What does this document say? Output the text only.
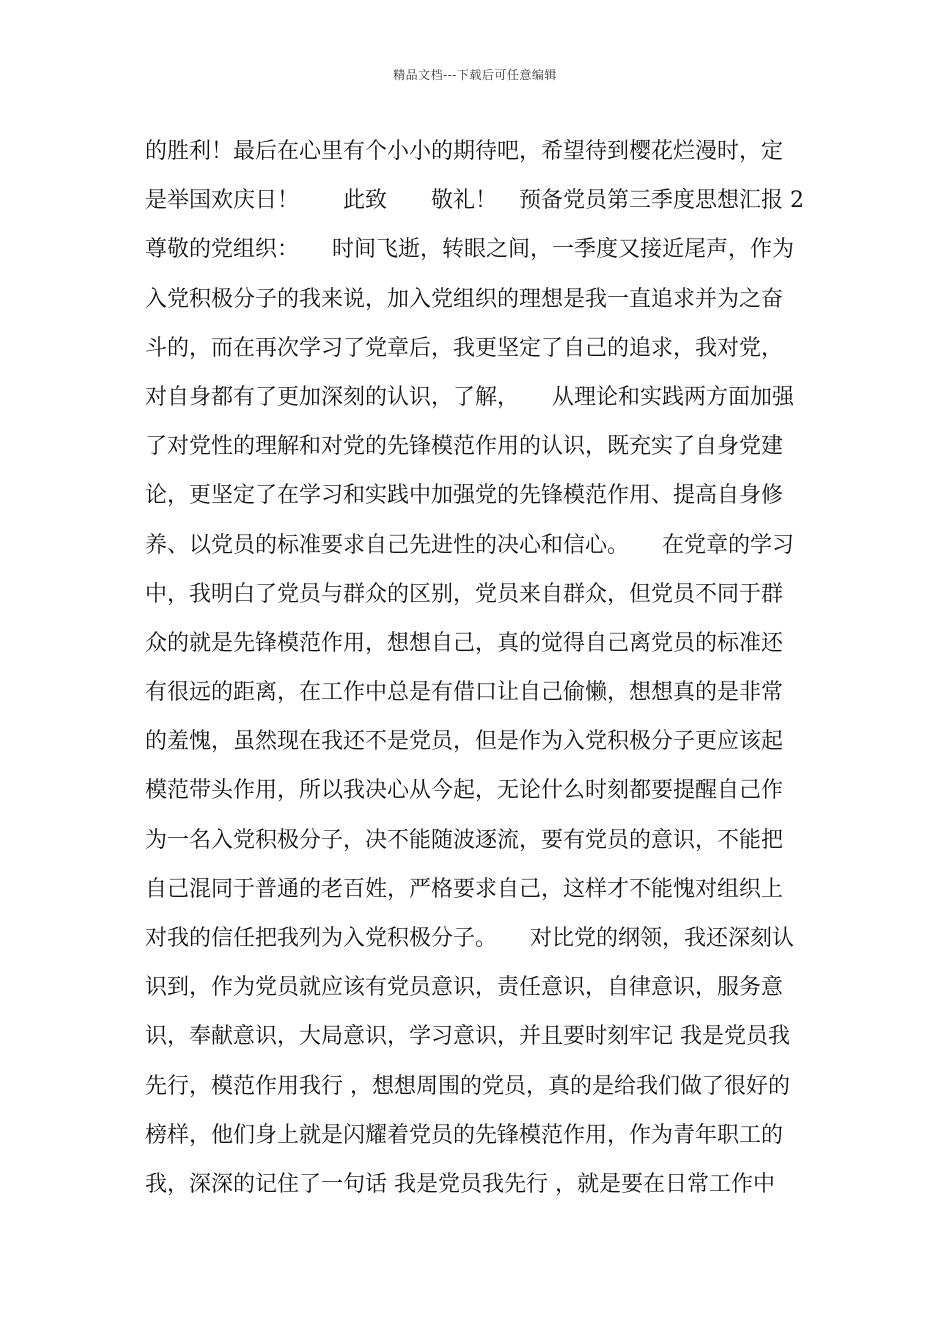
精品文档---下载后可任意编辑
的胜利！最后在心里有个小小的期待吧，希望待到樱花烂漫时，定
是举国欢庆日！　　此致　　敬礼！　预备党员第三季度思想汇报 2
尊敬的党组织：　　时间飞逝，转眼之间，一季度又接近尾声，作为
入党积极分子的我来说，加入党组织的理想是我一直追求并为之奋
斗的，而在再次学习了党章后，我更坚定了自己的追求，我对党，
对自身都有了更加深刻的认识，了解，　　从理论和实践两方面加强
了对党性的理解和对党的先锋模范作用的认识，既充实了自身党建
论，更坚定了在学习和实践中加强党的先锋模范作用、提高自身修
养、以党员的标准要求自己先进性的决心和信心。　　在党章的学习
中，我明白了党员与群众的区别，党员来自群众，但党员不同于群
众的就是先锋模范作用，想想自己，真的觉得自己离党员的标准还
有很远的距离，在工作中总是有借口让自己偷懒，想想真的是非常
的羞愧，虽然现在我还不是党员，但是作为入党积极分子更应该起
模范带头作用，所以我决心从今起，无论什么时刻都要提醒自己作
为一名入党积极分子，决不能随波逐流，要有党员的意识，不能把
自己混同于普通的老百姓，严格要求自己，这样才不能愧对组织上
对我的信任把我列为入党积极分子。　　对比党的纲领，我还深刻认
识到，作为党员就应该有党员意识，责任意识，自律意识，服务意
识，奉献意识，大局意识，学习意识，并且要时刻牢记 我是党员我
先行，模范作用我行 ，想想周围的党员，真的是给我们做了很好的
榜样，他们身上就是闪耀着党员的先锋模范作用，作为青年职工的
我，深深的记住了一句话 我是党员我先行 ，就是要在日常工作中
